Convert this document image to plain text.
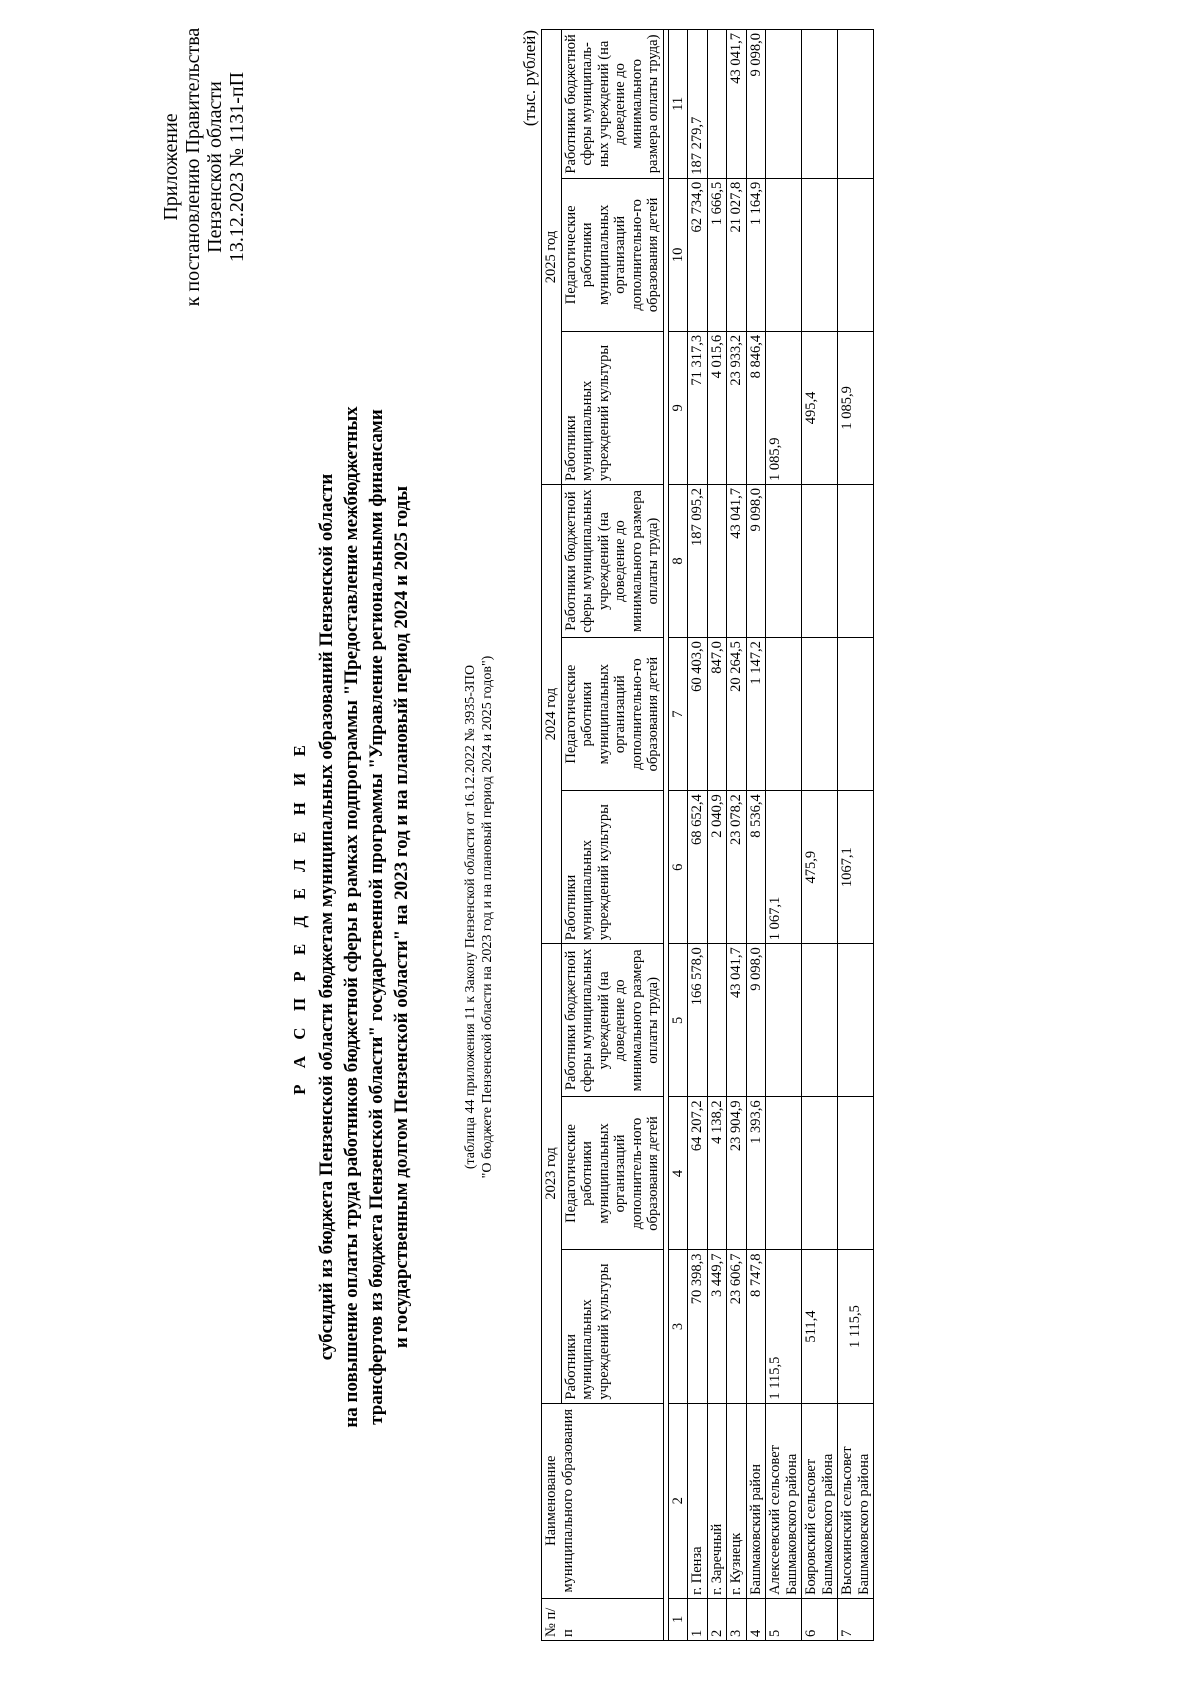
Приложение к постановлению Правительства Пензенской области 13.12.2023 № 1131-пП
Р А С П Р Е Д Е Л Е Н И Е субсидий из бюджета Пензенской области бюджетам муниципальных образований Пензенской области на повышение оплаты труда работников бюджетной сферы в рамках подпрограммы "Предоставление межбюджетных трансфертов из бюджета Пензенской области" государственной программы "Управление региональными финансами и государственным долгом Пензенской области" на 2023 год и на плановый период 2024 и 2025 годы	(таблица 44 приложения 11 к Закону Пензенской области от 16.12.2022 № 3935-ЗПО "О бюджете Пензенской области на 2023 год и на плановый период 2024 и 2025 годов")
(тыс. рублей)
№ п/п	Наименование муниципального образования	2023 год			2024 год			2025 год		
		Работники муниципальных учреждений культуры	Педагогические работники муниципальных организаций дополнитель-ного образования детей	Работники бюджетной сферы муниципальных учреждений (на доведение до минимального размера оплаты труда)	Работники муниципальных учреждений культуры	Педагогические работники муниципальных организаций дополнительно-го образования детей	Работники бюджетной сферы муниципальных учреждений (на доведение до минимального размера оплаты труда)	Работники муниципальных учреждений культуры	Педагогические работники муниципальных организаций дополнительно-го образования детей	Работники бюджетной сферы муниципаль-ных учреждений (на доведение до минимального размера оплаты труда)

1	2	3	4	5	6	7	8	9	10	11
1	г. Пенза	70 398,3	64 207,2	166 578,0	68 652,4	60 403,0	187 095,2	71 317,3	62 734,0	187 279,7
2	г. Заречный	3 449,7	4 138,2		2 040,9	847,0		4 015,6	1 666,5	
3	г. Кузнецк	23 606,7	23 904,9	43 041,7	23 078,2	20 264,5	43 041,7	23 933,2	21 027,8	43 041,7
4	Башмаковский район	8 747,8	1 393,6	9 098,0	8 536,4	1 147,2	9 098,0	8 846,4	1 164,9	9 098,0
5	Алексеевский сельсовет Башмаковского района	1 115,5			1 067,1			1 085,9		
6	Бояровский сельсовет Башмаковского района	511,4			475,9			495,4		
7	Высокинский сельсовет Башмаковского района	1 115,5			1067,1			1 085,9		
